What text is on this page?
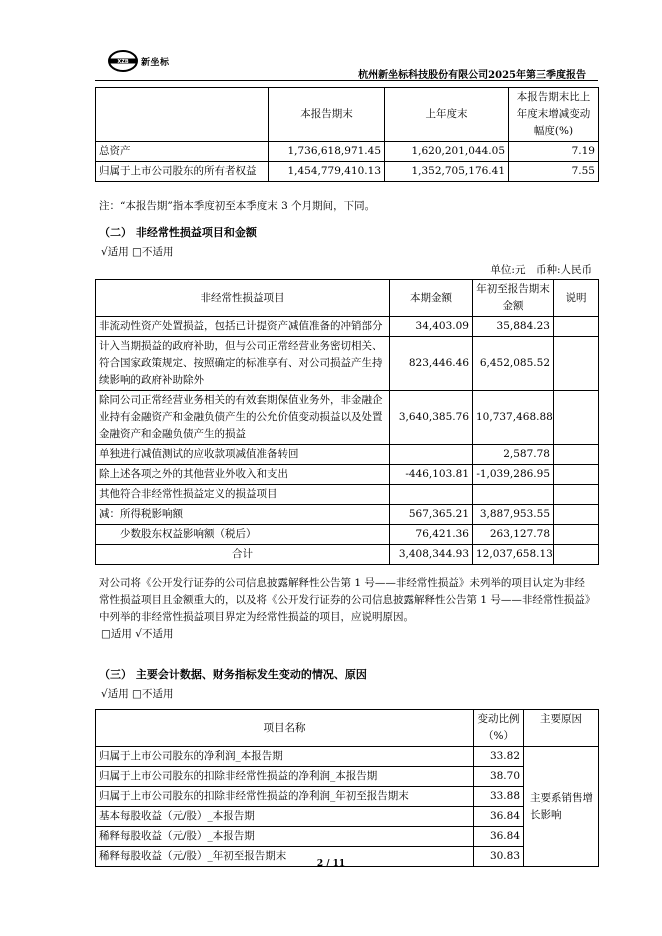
XZB 新坐标
杭州新坐标科技股份有限公司2025年第三季度报告
	本报告期末	上年度末	本报告期末比上年度末增减变动幅度(%)
总资产	1,736,618,971.45	1,620,201,044.05	7.19
归属于上市公司股东的所有者权益	1,454,779,410.13	1,352,705,176.41	7.55
注：“本报告期”指本季度初至本季度末 3 个月期间，下同。
（二） 非经常性损益项目和金额
√适用 □不适用
单位:元　币种:人民币
非经常性损益项目	本期金额	年初至报告期末金额	说明
非流动性资产处置损益，包括已计提资产减值准备的冲销部分	34,403.09	35,884.23	
计入当期损益的政府补助，但与公司正常经营业务密切相关、符合国家政策规定、按照确定的标准享有、对公司损益产生持续影响的政府补助除外	823,446.46	6,452,085.52	
除同公司正常经营业务相关的有效套期保值业务外，非金融企业持有金融资产和金融负债产生的公允价值变动损益以及处置金融资产和金融负债产生的损益	3,640,385.76	10,737,468.88	
单独进行减值测试的应收款项减值准备转回		2,587.78	
除上述各项之外的其他营业外收入和支出	-446,103.81	-1,039,286.95	
其他符合非经常性损益定义的损益项目			
减：所得税影响额	567,365.21	3,887,953.55	
少数股东权益影响额（税后）	76,421.36	263,127.78	
合计	3,408,344.93	12,037,658.13	
对公司将《公开发行证券的公司信息披露解释性公告第 1 号——非经常性损益》未列举的项目认定为非经常性损益项目且金额重大的，以及将《公开发行证券的公司信息披露解释性公告第 1 号——非经常性损益》中列举的非经常性损益项目界定为经常性损益的项目，应说明原因。
□适用 √不适用
（三） 主要会计数据、财务指标发生变动的情况、原因
√适用 □不适用
项目名称	变动比例（%）	主要原因
归属于上市公司股东的净利润_本报告期	33.82	主要系销售增长影响
归属于上市公司股东的扣除非经常性损益的净利润_本报告期	38.70	
归属于上市公司股东的扣除非经常性损益的净利润_年初至报告期末	33.88	
基本每股收益（元/股）_本报告期	36.84	
稀释每股收益（元/股）_本报告期	36.84	
稀释每股收益（元/股）_年初至报告期末	30.83	
2 / 11
